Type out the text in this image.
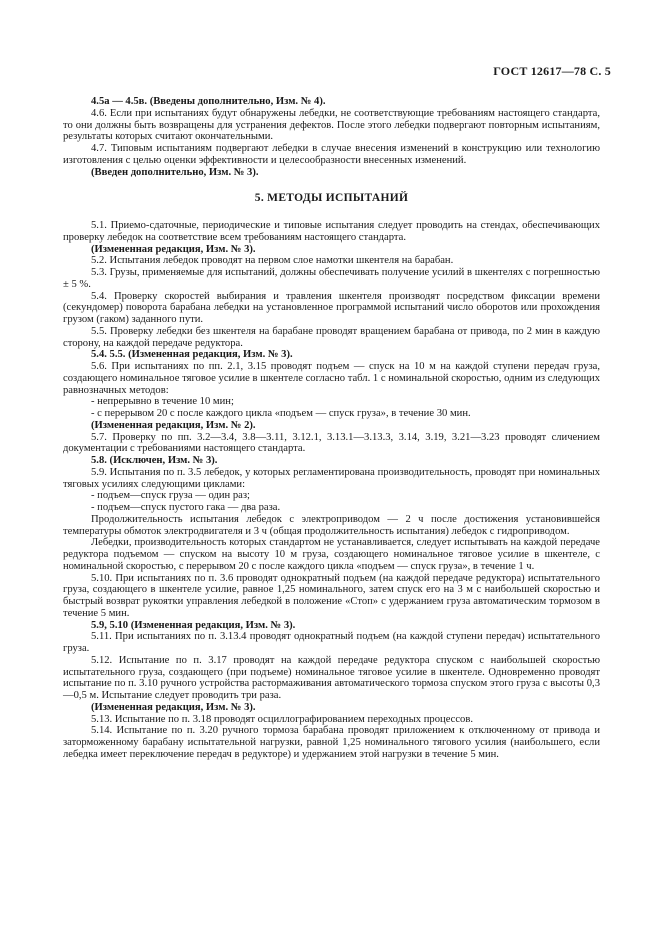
ГОСТ 12617—78 С. 5

4.5а — 4.5в. (Введены дополнительно, Изм. № 4).

4.6. Если при испытаниях будут обнаружены лебедки, не соответствующие требованиям настоящего стандарта, то они должны быть возвращены для устранения дефектов. После этого лебедки подвергают повторным испытаниям, результаты которых считают окончательными.

4.7. Типовым испытаниям подвергают лебедки в случае внесения изменений в конструкцию или технологию изготовления с целью оценки эффективности и целесообразности внесенных изменений.

(Введен дополнительно, Изм. № 3).

5. МЕТОДЫ ИСПЫТАНИЙ

5.1. Приемо-сдаточные, периодические и типовые испытания следует проводить на стендах, обеспечивающих проверку лебедок на соответствие всем требованиям настоящего стандарта.

(Измененная редакция, Изм. № 3).

5.2. Испытания лебедок проводят на первом слое намотки шкентеля на барабан.

5.3. Грузы, применяемые для испытаний, должны обеспечивать получение усилий в шкентелях с погрешностью ± 5 %.

5.4. Проверку скоростей выбирания и травления шкентеля производят посредством фиксации времени (секундомер) поворота барабана лебедки на установленное программой испытаний число оборотов или прохождения грузом (гаком) заданного пути.

5.5. Проверку лебедки без шкентеля на барабане проводят вращением барабана от привода, по 2 мин в каждую сторону, на каждой передаче редуктора.

5.4. 5.5. (Измененная редакция, Изм. № 3).

5.6. При испытаниях по пп. 2.1, 3.15 проводят подъем — спуск на 10 м на каждой ступени передач груза, создающего номинальное тяговое усилие в шкентеле согласно табл. 1 с номинальной скоростью, одним из следующих равнозначных методов:

- непрерывно в течение 10 мин;

- с перерывом 20 с после каждого цикла «подъем — спуск груза», в течение 30 мин.

(Измененная редакция, Изм. № 2).

5.7. Проверку по пп. 3.2—3.4, 3.8—3.11, 3.12.1, 3.13.1—3.13.3, 3.14, 3.19, 3.21—3.23 проводят сличением документации с требованиями настоящего стандарта.

5.8. (Исключен, Изм. № 3).

5.9. Испытания по п. 3.5 лебедок, у которых регламентирована производительность, проводят при номинальных тяговых усилиях следующими циклами:

- подъем—спуск груза — один раз;

- подъем—спуск пустого гака — два раза.

Продолжительность испытания лебедок с электроприводом — 2 ч после достижения установившейся температуры обмоток электродвигателя и 3 ч (общая продолжительность испытания) лебедок с гидроприводом.

Лебедки, производительность которых стандартом не устанавливается, следует испытывать на каждой передаче редуктора подъемом — спуском на высоту 10 м груза, создающего номинальное тяговое усилие в шкентеле, с номинальной скоростью, с перерывом 20 с после каждого цикла «подъем — спуск груза», в течение 1 ч.

5.10. При испытаниях по п. 3.6 проводят однократный подъем (на каждой передаче редуктора) испытательного груза, создающего в шкентеле усилие, равное 1,25 номинального, затем спуск его на 3 м с наибольшей скоростью и быстрый возврат рукоятки управления лебедкой в положение «Стоп» с удержанием груза автоматическим тормозом в течение 5 мин.

5.9, 5.10 (Измененная редакция, Изм. № 3).

5.11. При испытаниях по п. 3.13.4 проводят однократный подъем (на каждой ступени передач) испытательного груза.

5.12. Испытание по п. 3.17 проводят на каждой передаче редуктора спуском с наибольшей скоростью испытательного груза, создающего (при подъеме) номинальное тяговое усилие в шкентеле. Одновременно проводят испытание по п. 3.10 ручного устройства растормаживания автоматического тормоза спуском этого груза с высоты 0,3—0,5 м. Испытание следует проводить три раза.

(Измененная редакция, Изм. № 3).

5.13. Испытание по п. 3.18 проводят осциллографированием переходных процессов.

5.14. Испытание по п. 3.20 ручного тормоза барабана проводят приложением к отключенному от привода и заторможенному барабану испытательной нагрузки, равной 1,25 номинального тягового усилия (наибольшего, если лебедка имеет переключение передач в редукторе) и удержанием этой нагрузки в течение 5 мин.
